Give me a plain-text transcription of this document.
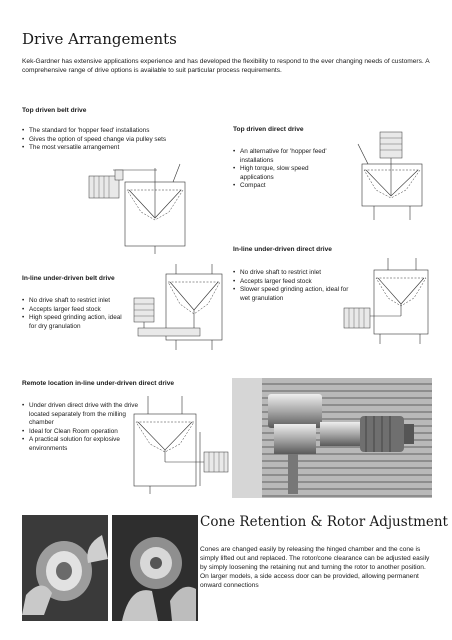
Drive Arrangements
Kek-Gardner has extensive applications experience and has developed the flexibility to respond to the ever changing needs of customers. A comprehensive range of drive options is available to suit particular process requirements.
Top driven belt drive
• The standard for 'hopper feed' installations
• Gives the option of speed change via pulley sets
• The most versatile arrangement
Top driven direct drive
• An alternative for 'hopper feed' installations
• High torque, slow speed applications
• Compact
In-line under-driven direct drive
• No drive shaft to restrict inlet
• Accepts larger feed stock
• Slower speed grinding action, ideal for wet granulation
In-line under-driven belt drive
• No drive shaft to restrict inlet
• Accepts larger feed stock
• High speed grinding action, ideal for dry granulation
Remote location in-line under-driven direct drive
• Under driven direct drive with the drive located separately from the milling chamber
• Ideal for Clean Room operation
• A practical solution for explosive environments
Cone Retention & Rotor Adjustment
Cones are changed easily by releasing the hinged chamber and the cone is simply lifted out and replaced. The rotor/cone clearance can be adjusted easily by simply loosening the retaining nut and turning the rotor to another position. On larger models, a side access door can be provided, allowing permanent onward connections
